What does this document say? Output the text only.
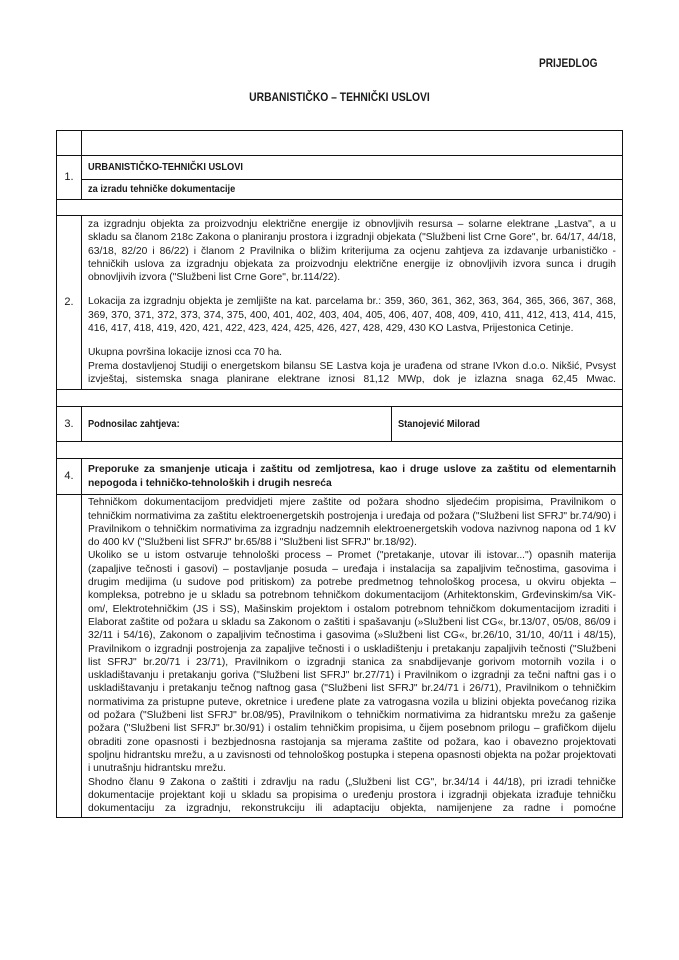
PRIJEDLOG
URBANISTIČKO – TEHNIČKI USLOVI

1.	URBANISTIČKO-TEHNIČKI USLOVI	
	za izradu tehničke dokumentacije	

2.	za izgradnju objekta za proizvodnju električne energije iz obnovljivih resursa – solarne elektrane „Lastva", a u skladu sa članom 218c Zakona o planiranju prostora i izgradnji objekata ("Službeni list Crne Gore", br. 64/17, 44/18, 63/18, 82/20 i 86/22) i članom 2 Pravilnika o bližim kriterijuma za ocjenu zahtjeva za izdavanje urbanističko - tehničkih uslova za izgradnju objekata za proizvodnju električne energije iz obnovljivih izvora sunca i drugih obnovljivih izvora ("Službeni list Crne Gore", br.114/22).

Lokacija za izgradnju objekta je zemljište na kat. parcelama br.: 359, 360, 361, 362, 363, 364, 365, 366, 367, 368, 369, 370, 371, 372, 373, 374, 375, 400, 401, 402, 403, 404, 405, 406, 407, 408, 409, 410, 411, 412, 413, 414, 415, 416, 417, 418, 419, 420, 421, 422, 423, 424, 425, 426, 427, 428, 429, 430 KO Lastva, Prijestonica Cetinje.

Ukupna površina lokacije iznosi cca 70 ha.

Prema dostavljenoj Studiji o energetskom bilansu SE Lastva koja je urađena od strane IVkon d.o.o. Nikšić, Pvsyst izvještaj, sistemska snaga planirane elektrane iznosi 81,12 MWp, dok je izlazna snaga 62,45 Mwac.	

3.	Podnosilac zahtjeva:	Stanojević Milorad

4.	Preporuke za smanjenje uticaja i zaštitu od zemljotresa, kao i druge uslove za zaštitu od elementarnih nepogoda i tehničko-tehnoloških i drugih nesreća	

	Tehničkom dokumentacijom predvidjeti mjere zaštite od požara shodno sljedećim propisima, Pravilnikom o tehničkim normativima za zaštitu elektroenergetskih postrojenja i uređaja od požara ("Službeni list SFRJ" br.74/90) i Pravilnikom o tehničkim normativima za izgradnju nadzemnih elektroenergetskih vodova nazivnog napona od 1 kV do 400 kV ("Službeni list SFRJ" br.65/88 i "Službeni list SFRJ" br.18/92).

Ukoliko se u istom ostvaruje tehnološki process – Promet ("pretakanje, utovar ili istovar...") opasnih materija (zapaljive tečnosti i gasovi) – postavljanje posuda – uređaja i instalacija sa zapaljivim tečnostima, gasovima i drugim medijima (u sudove pod pritiskom) za potrebe predmetnog tehnološkog procesa, u okviru objekta – kompleksa, potrebno je u skladu sa potrebnom tehničkom dokumentacijom (Arhitektonskim, Grđevinskim/sa ViK-om/, Elektrotehničkim (JS i SS), Mašinskim projektom i ostalom potrebnom tehničkom dokumentacijom izraditi i Elaborat zaštite od požara u skladu sa Zakonom o zaštiti i spašavanju (»Službeni list CG«, br.13/07, 05/08, 86/09 i 32/11 i 54/16), Zakonom o zapaljivim tečnostima i gasovima (»Službeni list CG«, br.26/10, 31/10, 40/11 i 48/15), Pravilnikom o izgradnji postrojenja za zapaljive tečnosti i o uskladištenju i pretakanju zapaljivih tečnosti ("Službeni list SFRJ" br.20/71 i 23/71), Pravilnikom o izgradnji stanica za snabdijevanje gorivom motornih vozila i o uskladištavanju i pretakanju goriva ("Službeni list SFRJ" br.27/71) i Pravilnikom o izgradnji za tečni naftni gas i o uskladištavanju i pretakanju tečnog naftnog gasa ("Službeni list SFRJ" br.24/71 i 26/71), Pravilnikom o tehničkim normativima za pristupne puteve, okretnice i uređene plate za vatrogasna vozila u blizini objekta povećanog rizika od požara ("Službeni list SFRJ" br.08/95), Pravilnikom o tehničkim normativima za hidrantsku mrežu za gašenje požara ("Službeni list SFRJ" br.30/91) i ostalim tehničkim propisima, u čijem posebnom prilogu – grafičkom dijelu obraditi zone opasnosti i bezbjednosna rastojanja sa mjerama zaštite od požara, kao i obavezno projektovati spoljnu hidrantsku mrežu, a u zavisnosti od tehnološkog postupka i stepena opasnosti objekta na požar projektovati i unutrašnju hidrantsku mrežu.

Shodno članu 9 Zakona o zaštiti i zdravlju na radu („Službeni list CG", br.34/14 i 44/18), pri izradi tehničke dokumentacije projektant koji u skladu sa propisima o uređenju prostora i izgradnji objekata izrađuje tehničku dokumentaciju za izgradnju, rekonstrukciju ili adaptaciju objekta, namijenjene za radne i pomoćne	
